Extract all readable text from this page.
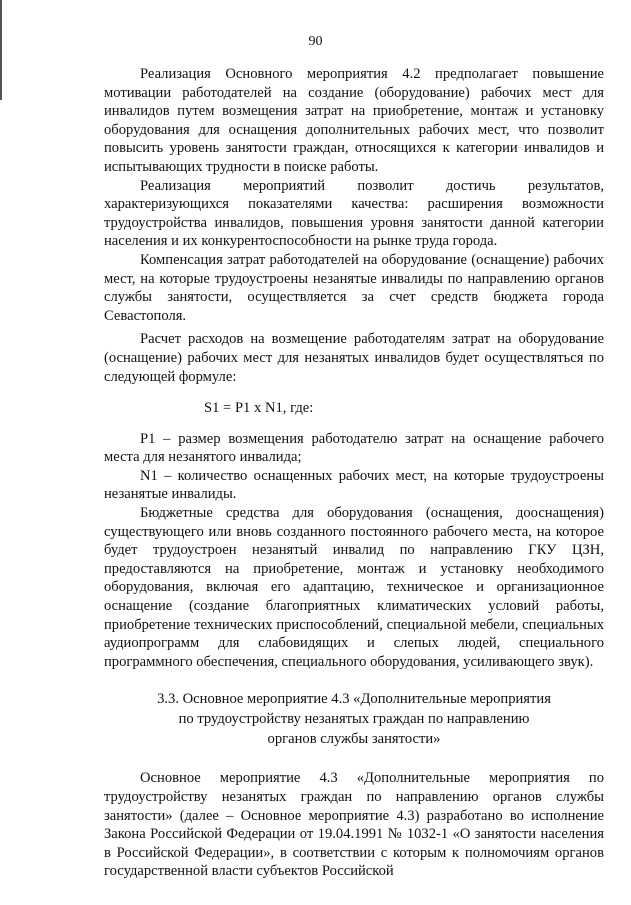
90

Реализация Основного мероприятия 4.2 предполагает повышение мотивации работодателей на создание (оборудование) рабочих мест для инвалидов путем возмещения затрат на приобретение, монтаж и установку оборудования для оснащения дополнительных рабочих мест, что позволит повысить уровень занятости граждан, относящихся к категории инвалидов и испытывающих трудности в поиске работы.

Реализация мероприятий позволит достичь результатов, характеризующихся показателями качества: расширения возможности трудоустройства инвалидов, повышения уровня занятости данной категории населения и их конкурентоспособности на рынке труда города.

Компенсация затрат работодателей на оборудование (оснащение) рабочих мест, на которые трудоустроены незанятые инвалиды по направлению органов службы занятости, осуществляется за счет средств бюджета города Севастополя.

Расчет расходов на возмещение работодателям затрат на оборудование (оснащение) рабочих мест для незанятых инвалидов будет осуществляться по следующей формуле:

S1 = P1 x N1, где:

P1 – размер возмещения работодателю затрат на оснащение рабочего места для незанятого инвалида;

N1 – количество оснащенных рабочих мест, на которые трудоустроены незанятые инвалиды.

Бюджетные средства для оборудования (оснащения, дооснащения) существующего или вновь созданного постоянного рабочего места, на которое будет трудоустроен незанятый инвалид по направлению ГКУ ЦЗН, предоставляются на приобретение, монтаж и установку необходимого оборудования, включая его адаптацию, техническое и организационное оснащение (создание благоприятных климатических условий работы, приобретение технических приспособлений, специальной мебели, специальных аудиопрограмм для слабовидящих и слепых людей, специального программного обеспечения, специального оборудования, усиливающего звук).

3.3. Основное мероприятие 4.3 «Дополнительные мероприятия
по трудоустройству незанятых граждан по направлению
органов службы занятости»

Основное мероприятие 4.3 «Дополнительные мероприятия по трудоустройству незанятых граждан по направлению органов службы занятости» (далее – Основное мероприятие 4.3) разработано во исполнение Закона Российской Федерации от 19.04.1991 № 1032-1 «О занятости населения в Российской Федерации», в соответствии с которым к полномочиям органов государственной власти субъектов Российской
